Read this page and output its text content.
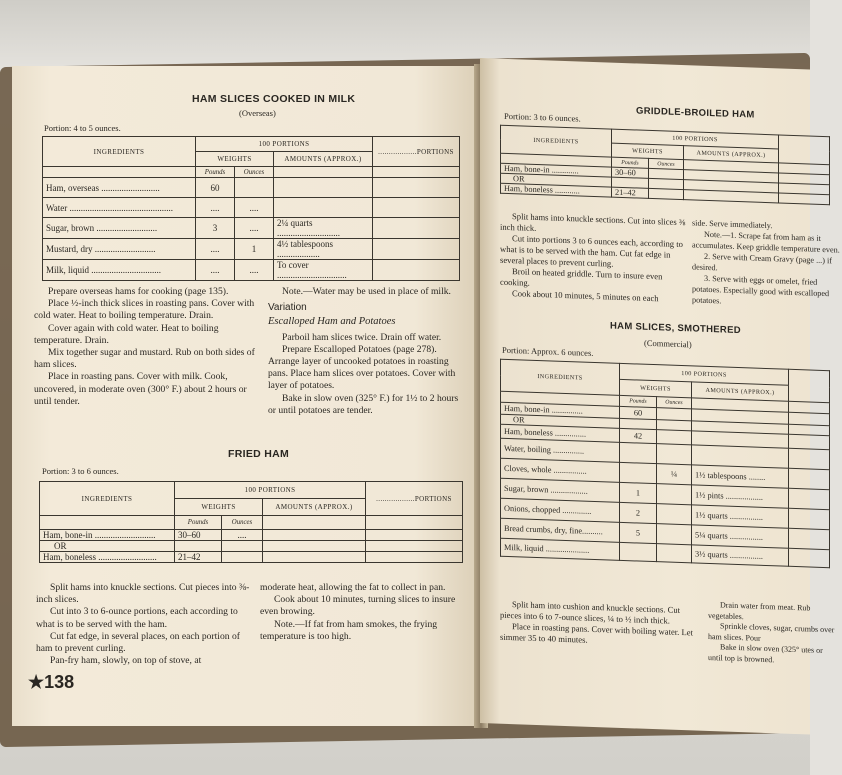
HAM SLICES COOKED IN MILK
(Overseas)
Portion: 4 to 5 ounces.
INGREDIENTS	100 PORTIONS			..................PORTIONS
	WEIGHTS		AMOUNTS (APPROX.)	
	Pounds	Ounces		
Ham, overseas ..........................	60			
Water ..............................................	....	....		
Sugar, brown ...........................	3	....	2¼ quarts ............................	
Mustard, dry ...........................	....	1	4½ tablespoons ...................	
Milk, liquid ...............................	....	....	To cover ...............................	

Prepare overseas hams for cooking (page 135).

Place ½-inch thick slices in roasting pans. Cover with cold water. Heat to boiling temperature. Drain.

Cover again with cold water. Heat to boiling temperature. Drain.

Mix together sugar and mustard. Rub on both sides of ham slices.

Place in roasting pans. Cover with milk. Cook, uncovered, in moderate oven (300° F.) about 2 hours or until tender.

Note.—Water may be used in place of milk.

Variation

Escalloped Ham and Potatoes

Parboil ham slices twice. Drain off water.

Prepare Escalloped Potatoes (page 278). Arrange layer of uncooked potatoes in roasting pans. Place ham slices over potatoes. Cover with layer of potatoes.

Bake in slow oven (325° F.) for 1½ to 2 hours or until potatoes are tender.

FRIED HAM
Portion: 3 to 6 ounces.
INGREDIENTS	100 PORTIONS			..................PORTIONS
	WEIGHTS		AMOUNTS (APPROX.)	
	Pounds	Ounces		
Ham, bone-in ...........................	30–60	....		
OR				
Ham, boneless ..........................	21–42			

Split hams into knuckle sections. Cut pieces into ⅜-inch slices.

Cut into 3 to 6-ounce portions, each according to what is to be served with the ham.

Cut fat edge, in several places, on each portion of ham to prevent curling.

Pan-fry ham, slowly, on top of stove, at

moderate heat, allowing the fat to collect in pan.

Cook about 10 minutes, turning slices to insure even browing.

Note.—If fat from ham smokes, the frying temperature is too high.

★138
Portion: 3 to 6 ounces.	GRIDDLE-BROILED HAM
INGREDIENTS	100 PORTIONS			
	WEIGHTS		AMOUNTS (APPROX.)	
	Pounds	Ounces		
Ham, bone-in .............	30–60			
OR				
Ham, boneless ............	21–42			

Split hams into knuckle sections. Cut into slices ⅜ inch thick.

Cut into portions 3 to 6 ounces each, according to what is to be served with the ham. Cut fat edge in several places to prevent curling.

Broil on heated griddle. Turn to insure even cooking.

Cook about 10 minutes, 5 minutes on each

side. Serve immediately.

Note.—1. Scrape fat from ham as it accumulates. Keep griddle temperature even.

2. Serve with Cream Gravy (page ...) if desired.

3. Serve with eggs or omelet, fried potatoes. Especially good with escalloped potatoes.

HAM SLICES, SMOTHERED
(Commercial)
Portion: Approx. 6 ounces.
INGREDIENTS	100 PORTIONS			
	WEIGHTS		AMOUNTS (APPROX.)	
	Pounds	Ounces		
Ham, bone-in ...............	60			
OR				
Ham, boneless ...............	42			
Water, boiling ...............				
Cloves, whole ................		¼	1½ tablespoons ........	
Sugar, brown ..................	1		1½ pints ..................	
Onions, chopped ..............	2		1½ quarts ................	
Bread crumbs, dry, fine..........	5		5¼ quarts ................	
Milk, liquid .....................			3½ quarts ................	

Split ham into cushion and knuckle sections. Cut pieces into 6 to 7-ounce slices, ¼ to ½ inch thick.

Place in roasting pans. Cover with boiling water. Let simmer 35 to 40 minutes.

Drain water from meat. Rub vegetables.

Sprinkle cloves, sugar, crumbs over ham slices. Pour

Bake in slow oven (325° utes or until top is browned.
